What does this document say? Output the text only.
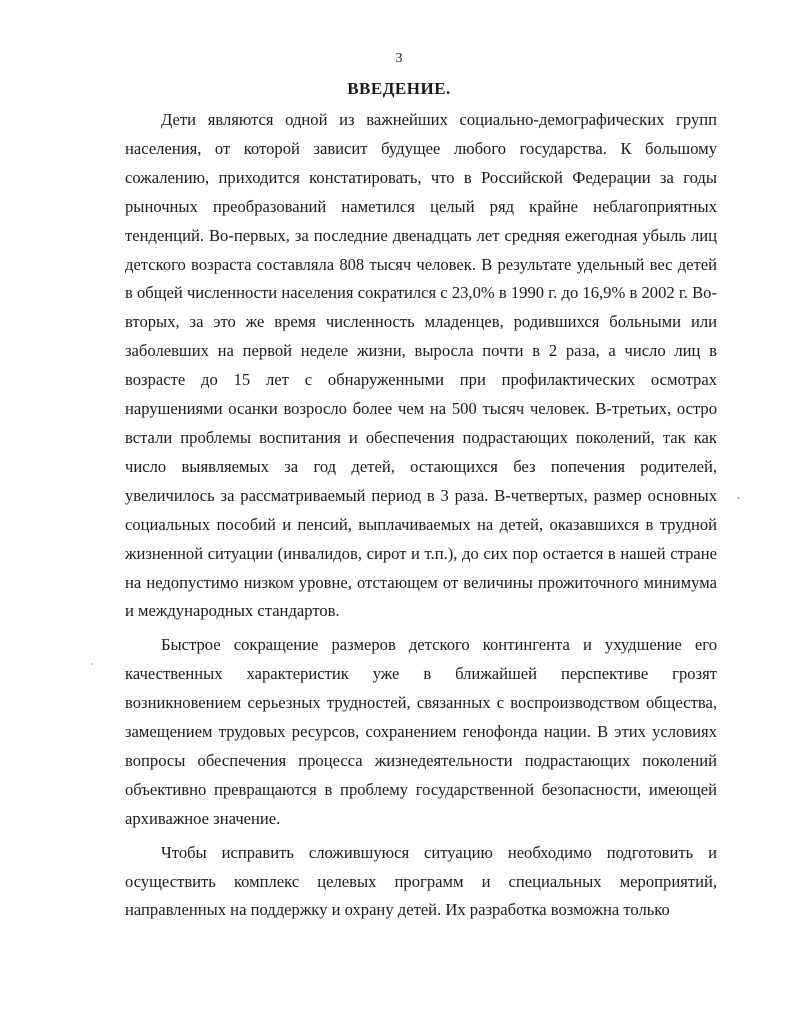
3
ВВЕДЕНИЕ.

Дети являются одной из важнейших социально-демографических групп населения, от которой зависит будущее любого государства. К большому сожалению, приходится констатировать, что в Российской Федерации за годы рыночных преобразований наметился целый ряд крайне неблагоприятных тенденций. Во-первых, за последние двенадцать лет средняя ежегодная убыль лиц детского возраста составляла 808 тысяч человек. В результате удельный вес детей в общей численности населения сократился с 23,0% в 1990 г. до 16,9% в 2002 г. Во-вторых, за это же время численность младенцев, родившихся больными или заболевших на первой неделе жизни, выросла почти в 2 раза, а число лиц в возрасте до 15 лет с обнаруженными при профилактических осмотрах нарушениями осанки возросло более чем на 500 тысяч человек. В-третьих, остро встали проблемы воспитания и обеспечения подрастающих поколений, так как число выявляемых за год детей, остающихся без попечения родителей, увеличилось за рассматриваемый период в 3 раза. В-четвертых, размер основных социальных пособий и пенсий, выплачиваемых на детей, оказавшихся в трудной жизненной ситуации (инвалидов, сирот и т.п.), до сих пор остается в нашей стране на недопустимо низком уровне, отстающем от величины прожиточного минимума и международных стандартов.

Быстрое сокращение размеров детского контингента и ухудшение его качественных характеристик уже в ближайшей перспективе грозят возникновением серьезных трудностей, связанных с воспроизводством общества, замещением трудовых ресурсов, сохранением генофонда нации. В этих условиях вопросы обеспечения процесса жизнедеятельности подрастающих поколений объективно превращаются в проблему государственной безопасности, имеющей архиважное значение.

Чтобы исправить сложившуюся ситуацию необходимо подготовить и осуществить комплекс целевых программ и специальных мероприятий, направленных на поддержку и охрану детей. Их разработка возможна только
